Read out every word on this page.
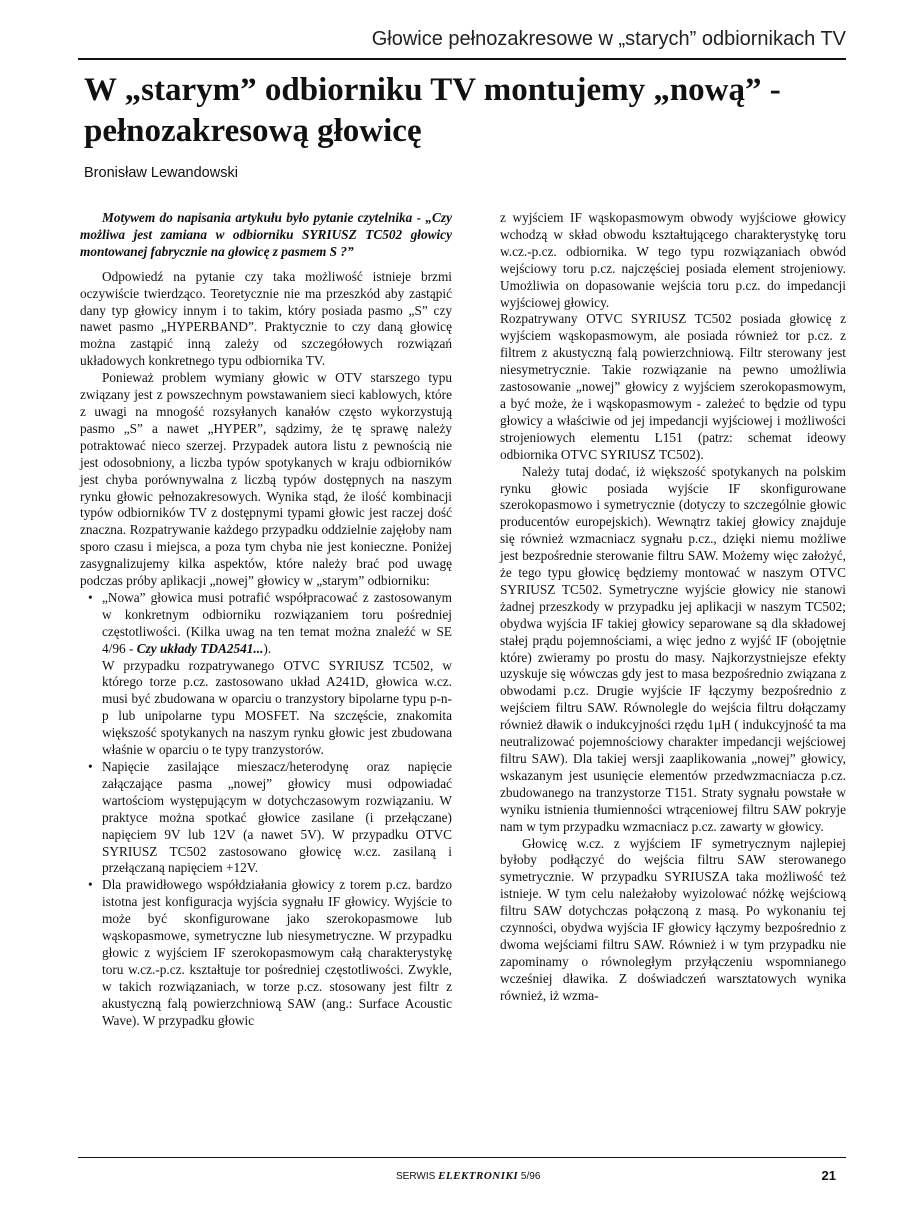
Głowice pełnozakresowe w „starych” odbiornikach TV
W „starym” odbiorniku TV montujemy „nową” - pełnozakresową głowicę
Bronisław Lewandowski

Motywem do napisania artykułu było pytanie czytelnika - „Czy możliwa jest zamiana w odbiorniku SYRIUSZ TC502 głowicy montowanej fabrycznie na głowicę z pasmem S ?”

Odpowiedź na pytanie czy taka możliwość istnieje brzmi oczywiście twierdząco. Teoretycznie nie ma przeszkód aby zastąpić dany typ głowicy innym i to takim, który posiada pasmo „S” czy nawet pasmo „HYPERBAND”. Praktycznie to czy daną głowicę można zastąpić inną zależy od szczegółowych rozwiązań układowych konkretnego typu odbiornika TV.

Ponieważ problem wymiany głowic w OTV starszego typu związany jest z powszechnym powstawaniem sieci kablowych, które z uwagi na mnogość rozsyłanych kanałów często wykorzystują pasmo „S” a nawet „HYPER”, sądzimy, że tę sprawę należy potraktować nieco szerzej. Przypadek autora listu z pewnością nie jest odosobniony, a liczba typów spotykanych w kraju odbiorników jest chyba porównywalna z liczbą typów dostępnych na naszym rynku głowic pełnozakresowych. Wynika stąd, że ilość kombinacji typów odbiorników TV z dostępnymi typami głowic jest raczej dość znaczna. Rozpatrywanie każdego przypadku oddzielnie zajęłoby nam sporo czasu i miejsca, a poza tym chyba nie jest konieczne. Poniżej zasygnalizujemy kilka aspektów, które należy brać pod uwagę podczas próby aplikacji „nowej” głowicy w „starym” odbiorniku:

• „Nowa” głowica musi potrafić współpracować z zastosowanym w konkretnym odbiorniku rozwiązaniem toru pośredniej częstotliwości. (Kilka uwag na ten temat można znaleźć w SE 4/96 - Czy układy TDA2541...).
W przypadku rozpatrywanego OTVC SYRIUSZ TC502, w którego torze p.cz. zastosowano układ A241D, głowica w.cz. musi być zbudowana w oparciu o tranzystory bipolarne typu p-n-p lub unipolarne typu MOSFET. Na szczęście, znakomita większość spotykanych na naszym rynku głowic jest zbudowana właśnie w oparciu o te typy tranzystorów.
• Napięcie zasilające mieszacz/heterodynę oraz napięcie załączające pasma „nowej” głowicy musi odpowiadać wartościom występującym w dotychczasowym rozwiązaniu. W praktyce można spotkać głowice zasilane (i przełączane) napięciem 9V lub 12V (a nawet 5V). W przypadku OTVC SYRIUSZ TC502 zastosowano głowicę w.cz. zasilaną i przełączaną napięciem +12V.
• Dla prawidłowego współdziałania głowicy z torem p.cz. bardzo istotna jest konfiguracja wyjścia sygnału IF głowicy. Wyjście to może być skonfigurowane jako szerokopasmowe lub wąskopasmowe, symetryczne lub niesymetryczne. W przypadku głowic z wyjściem IF szerokopasmowym całą charakterystykę toru w.cz.-p.cz. kształtuje tor pośredniej częstotliwości. Zwykle, w takich rozwiązaniach, w torze p.cz. stosowany jest filtr z akustyczną falą powierzchniową SAW (ang.: Surface Acoustic Wave). W przypadku głowic

z wyjściem IF wąskopasmowym obwody wyjściowe głowicy wchodzą w skład obwodu kształtującego charakterystykę toru w.cz.-p.cz. odbiornika. W tego typu rozwiązaniach obwód wejściowy toru p.cz. najczęściej posiada element strojeniowy. Umożliwia on dopasowanie wejścia toru p.cz. do impedancji wyjściowej głowicy.

Rozpatrywany OTVC SYRIUSZ TC502 posiada głowicę z wyjściem wąskopasmowym, ale posiada również tor p.cz. z filtrem z akustyczną falą powierzchniową. Filtr sterowany jest niesymetrycznie. Takie rozwiązanie na pewno umożliwia zastosowanie „nowej” głowicy z wyjściem szerokopasmowym, a być może, że i wąskopasmowym - zależeć to będzie od typu głowicy a właściwie od jej impedancji wyjściowej i możliwości strojeniowych elementu L151 (patrz: schemat ideowy odbiornika OTVC SYRIUSZ TC502).

Należy tutaj dodać, iż większość spotykanych na polskim rynku głowic posiada wyjście IF skonfigurowane szerokopasmowo i symetrycznie (dotyczy to szczególnie głowic producentów europejskich). Wewnątrz takiej głowicy znajduje się również wzmacniacz sygnału p.cz., dzięki niemu możliwe jest bezpośrednie sterowanie filtru SAW. Możemy więc założyć, że tego typu głowicę będziemy montować w naszym OTVC SYRIUSZ TC502. Symetryczne wyjście głowicy nie stanowi żadnej przeszkody w przypadku jej aplikacji w naszym TC502; obydwa wyjścia IF takiej głowicy separowane są dla składowej stałej prądu pojemnościami, a więc jedno z wyjść IF (obojętnie które) zwieramy po prostu do masy. Najkorzystniejsze efekty uzyskuje się wówczas gdy jest to masa bezpośrednio związana z obwodami p.cz. Drugie wyjście IF łączymy bezpośrednio z wejściem filtru SAW. Równolegle do wejścia filtru dołączamy również dławik o indukcyjności rzędu 1μH ( indukcyjność ta ma neutralizować pojemnościowy charakter impedancji wejściowej filtru SAW). Dla takiej wersji zaaplikowania „nowej” głowicy, wskazanym jest usunięcie elementów przedwzmacniacza p.cz. zbudowanego na tranzystorze T151. Straty sygnału powstałe w wyniku istnienia tłumienności wtrąceniowej filtru SAW pokryje nam w tym przypadku wzmacniacz p.cz. zawarty w głowicy.

Głowicę w.cz. z wyjściem IF symetrycznym najlepiej byłoby podłączyć do wejścia filtru SAW sterowanego symetrycznie. W przypadku SYRIUSZA taka możliwość też istnieje. W tym celu należałoby wyizolować nóżkę wejściową filtru SAW dotychczas połączoną z masą. Po wykonaniu tej czynności, obydwa wyjścia IF głowicy łączymy bezpośrednio z dwoma wejściami filtru SAW. Również i w tym przypadku nie zapominamy o równoległym przyłączeniu wspomnianego wcześniej dławika. Z doświadczeń warsztatowych wynika również, iż wzma-

SERWIS ELEKTRONIKI 5/96	21
